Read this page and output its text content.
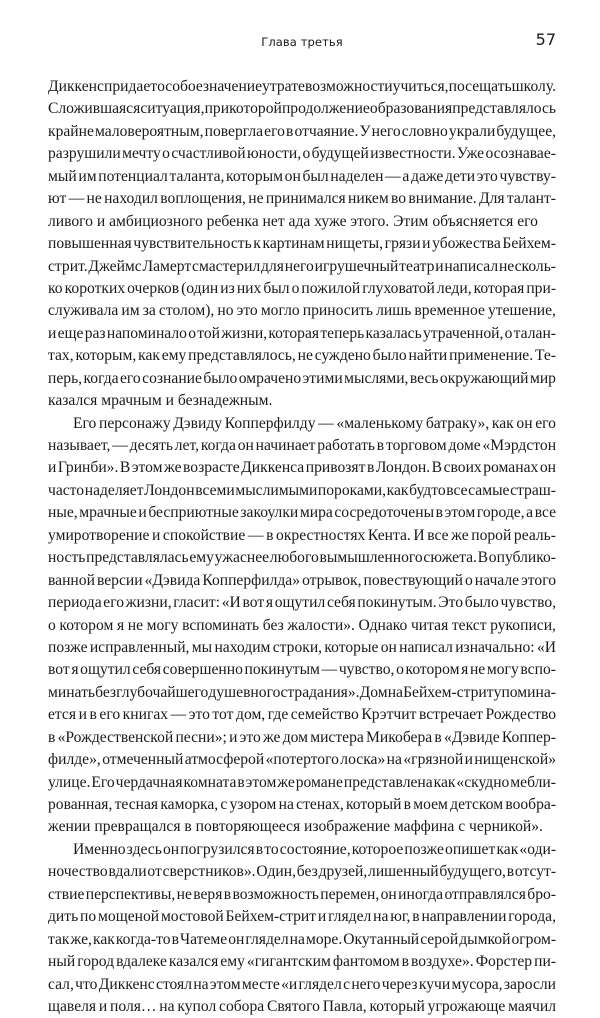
Глава третья	57
Диккенс придает особое значение утрате возможности учиться, посещать школу.
Сложившаяся ситуация, при которой продолжение образования представлялось
крайне маловероятным, повергла его в отчаяние. У него словно украли будущее,
разрушили мечту о счастливой юности, о будущей известности. Уже осознавае-
мый им потенциал таланта, которым он был наделен — а даже дети это чувству-
ют — не находил воплощения, не принимался никем во внимание. Для талант-
ливого и амбициозного ребенка нет ада хуже этого. Этим объясняется его
повышенная чувствительность к картинам нищеты, грязи и убожества Бейхем-
стрит. Джеймс Ламерт смастерил для него игрушечный театр и написал несколь-
ко коротких очерков (один из них был о пожилой глуховатой леди, которая при-
служивала им за столом), но это могло приносить лишь временное утешение,
и еще раз напоминало о той жизни, которая теперь казалась утраченной, о талан-
тах, которым, как ему представлялось, не суждено было найти применение. Те-
перь, когда его сознание было омрачено этими мыслями, весь окружающий мир
казался мрачным и безнадежным.
Его персонажу Дэвиду Копперфилду — «маленькому батраку», как он его
называет, — десять лет, когда он начинает работать в торговом доме «Мэрдстон
и Гринби». В этом же возрасте Диккенса привозят в Лондон. В своих романах он
часто наделяет Лондон всеми мыслимыми пороками, как будто все самые страш-
ные, мрачные и бесприютные закоулки мира сосредоточены в этом городе, а все
умиротворение и спокойствие — в окрестностях Кента. И все же порой реаль-
ность представлялась ему ужаснее любого вымышленного сюжета. В опублико-
ванной версии «Дэвида Копперфилда» отрывок, повествующий о начале этого
периода его жизни, гласит: «И вот я ощутил себя покинутым. Это было чувство,
о котором я не могу вспоминать без жалости». Однако читая текст рукописи,
позже исправленный, мы находим строки, которые он написал изначально: «И
вот я ощутил себя совершенно покинутым — чувство, о котором я не могу вспо-
минать без глубочайшего душевного страдания». Дом на Бейхем-стрит упомина-
ется и в его книгах — это тот дом, где семейство Крэтчит встречает Рождество
в «Рождественской песни»; и это же дом мистера Микобера в «Дэвиде Коппер-
филде», отмеченный атмосферой «потертого лоска» на «грязной и нищенской»
улице. Его чердачная комната в этом же романе представлена как «скудно мебли-
рованная, тесная каморка, с узором на стенах, который в моем детском вообра-
жении превращался в повторяющееся изображение маффина с черникой».
Именно здесь он погрузился в то состояние, которое позже опишет как «оди-
ночество вдали от сверстников». Один, без друзей, лишенный будущего, в отсут-
ствие перспективы, не веря в возможность перемен, он иногда отправлялся бро-
дить по мощеной мостовой Бейхем-стрит и глядел на юг, в направлении города,
так же, как когда-то в Чатеме он глядел на море. Окутанный серой дымкой огром-
ный город вдалеке казался ему «гигантским фантомом в воздухе». Форстер пи-
сал, что Диккенс стоял на этом месте «и глядел с него через кучи мусора, заросли
щавеля и поля… на купол собора Святого Павла, который угрожающе маячил
